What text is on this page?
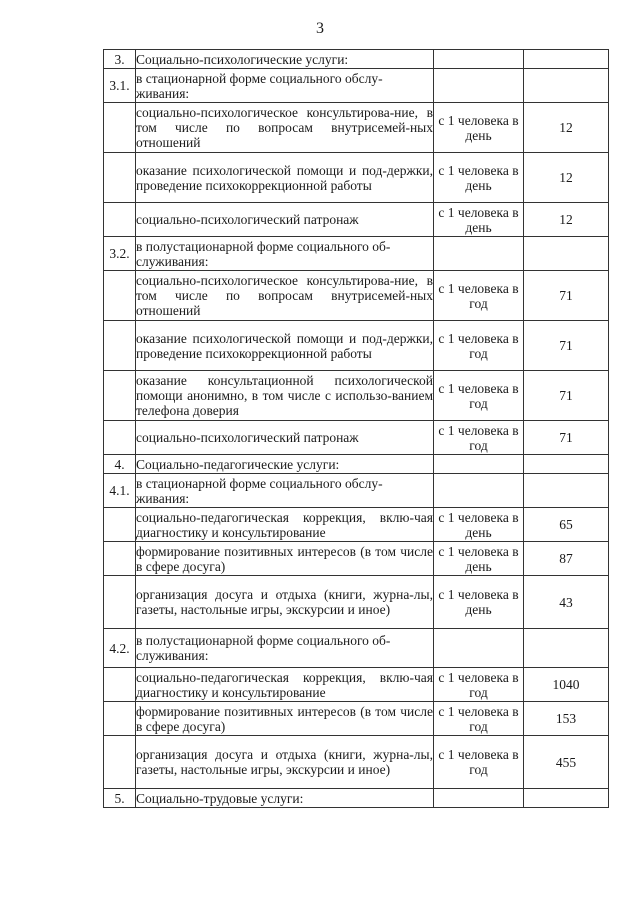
3
3.	Социально-психологические услуги:		
3.1.	в стационарной форме социального обслу-живания:		
	социально-психологическое консультирова-ние, в том числе по вопросам внутрисемей-ных отношений	с 1 человека в день	12
	оказание психологической помощи и под-держки, проведение психокоррекционной работы	с 1 человека в день	12
	социально-психологический патронаж	с 1 человека в день	12
3.2.	в полустационарной форме социального об-служивания:		
	социально-психологическое консультирова-ние, в том числе по вопросам внутрисемей-ных отношений	с 1 человека в год	71
	оказание психологической помощи и под-держки, проведение психокоррекционной работы	с 1 человека в год	71
	оказание консультационной психологической помощи анонимно, в том числе с использо-ванием телефона доверия	с 1 человека в год	71
	социально-психологический патронаж	с 1 человека в год	71
4.	Социально-педагогические услуги:		
4.1.	в стационарной форме социального обслу-живания:		
	социально-педагогическая коррекция, вклю-чая диагностику и консультирование	с 1 человека в день	65
	формирование позитивных интересов (в том числе в сфере досуга)	с 1 человека в день	87
	организация досуга и отдыха (книги, журна-лы, газеты, настольные игры, экскурсии и иное)	с 1 человека в день	43
4.2.	в полустационарной форме социального об-служивания:		
	социально-педагогическая коррекция, вклю-чая диагностику и консультирование	с 1 человека в год	1040
	формирование позитивных интересов (в том числе в сфере досуга)	с 1 человека в год	153
	организация досуга и отдыха (книги, журна-лы, газеты, настольные игры, экскурсии и иное)	с 1 человека в год	455
5.	Социально-трудовые услуги:		
